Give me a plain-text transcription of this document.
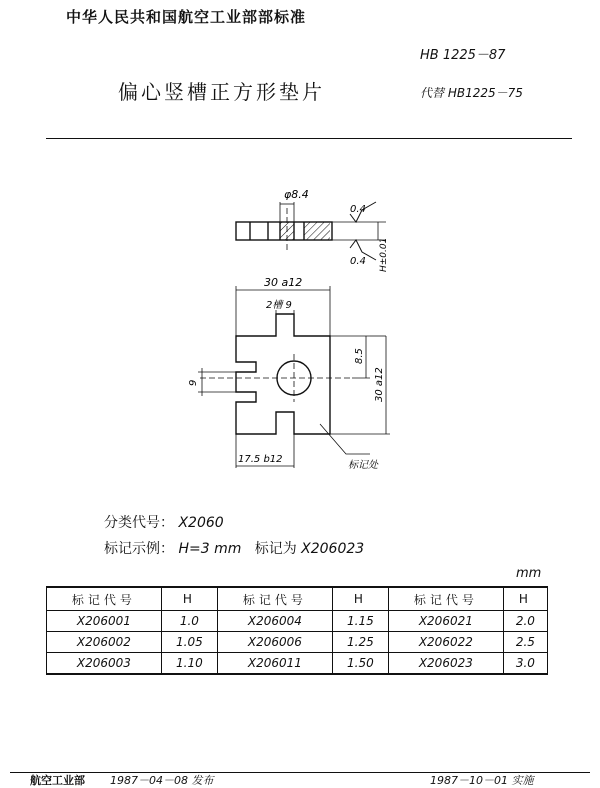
中华人民共和国航空工业部部标准
HB 1225－87
偏心竖槽正方形垫片	代替 HB1225－75
φ8.4
0.4
0.4 H±0.01
30 a12
2槽 9
8.5
30 a12
9
17.5 b12
标记处
分类代号： X2060
标记示例： H=3 mm 标记为 X206023
mm
标记代号	H	标记代号	H	标记代号	H
X206001	1.0	X206004	1.15	X206021	2.0
X206002	1.05	X206006	1.25	X206022	2.5
X206003	1.10	X206011	1.50	X206023	3.0
航空工业部 1987－04－08 发布	1987－10－01 实施
